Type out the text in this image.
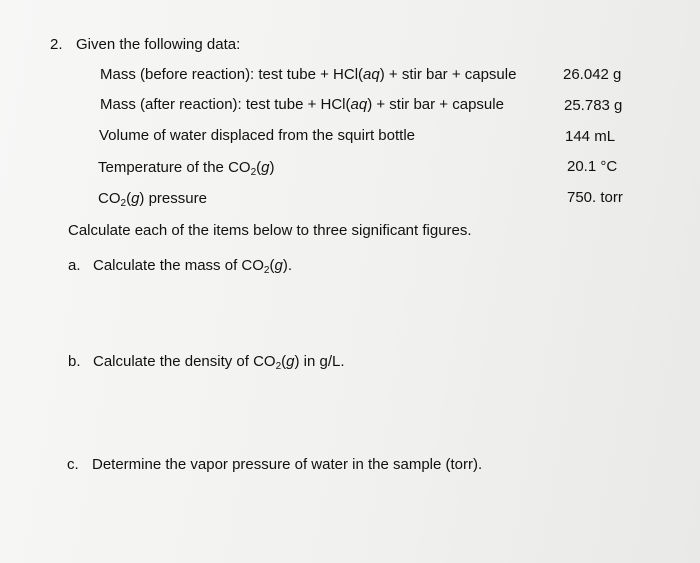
2. Given the following data:
Mass (before reaction): test tube + HCl(aq) + stir bar + capsule
Mass (after reaction): test tube + HCl(aq) + stir bar + capsule
Volume of water displaced from the squirt bottle
Temperature of the $CO_2(g)$
$CO_2(g)$ pressure
26.042 g
25.783 g
144 mL
20.1 °C
750. torr
Calculate each of the items below to three significant figures.
a. Calculate the mass of $CO_2(g)$.
b. Calculate the density of $CO_2(g)$ in g/L.
c. Determine the vapor pressure of water in the sample (torr).
